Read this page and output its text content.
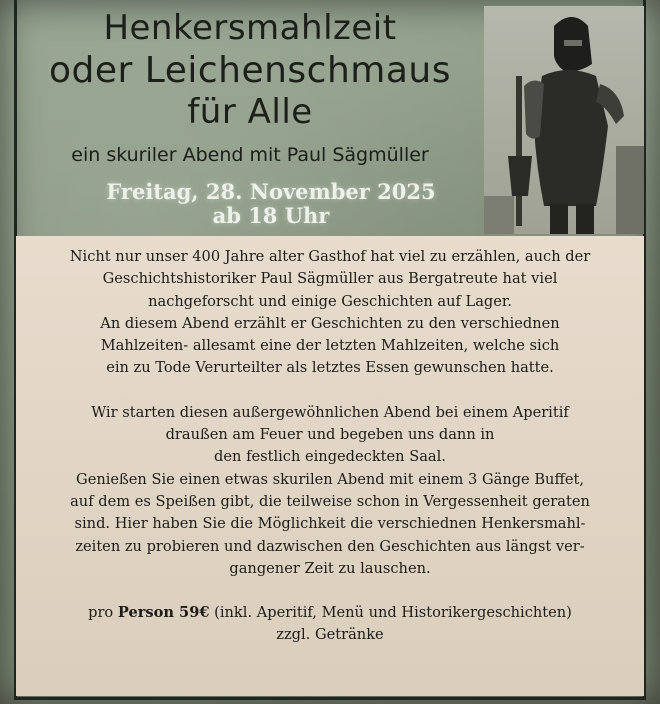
Henkersmahlzeit
oder Leichenschmaus
für Alle
ein skuriler Abend mit Paul Sägmüller
Freitag, 28. November 2025
ab 18 Uhr

Nicht nur unser 400 Jahre alter Gasthof hat viel zu erzählen, auch der

Geschichtshistoriker Paul Sägmüller aus Bergatreute hat viel

nachgeforscht und einige Geschichten auf Lager.

An diesem Abend erzählt er Geschichten zu den verschiednen

Mahlzeiten- allesamt eine der letzten Mahlzeiten, welche sich

ein zu Tode Verurteilter als letztes Essen gewunschen hatte.

Wir starten diesen außergewöhnlichen Abend bei einem Aperitif

draußen am Feuer und begeben uns dann in

den festlich eingedeckten Saal.

Genießen Sie einen etwas skurilen Abend mit einem 3 Gänge Buffet,

auf dem es Speißen gibt, die teilweise schon in Vergessenheit geraten

sind. Hier haben Sie die Möglichkeit die verschiednen Henkersmahl-

zeiten zu probieren und dazwischen den Geschichten aus längst ver-

gangener Zeit zu lauschen.

pro Person 59€ (inkl. Aperitif, Menü und Historikergeschichten)

zzgl. Getränke
